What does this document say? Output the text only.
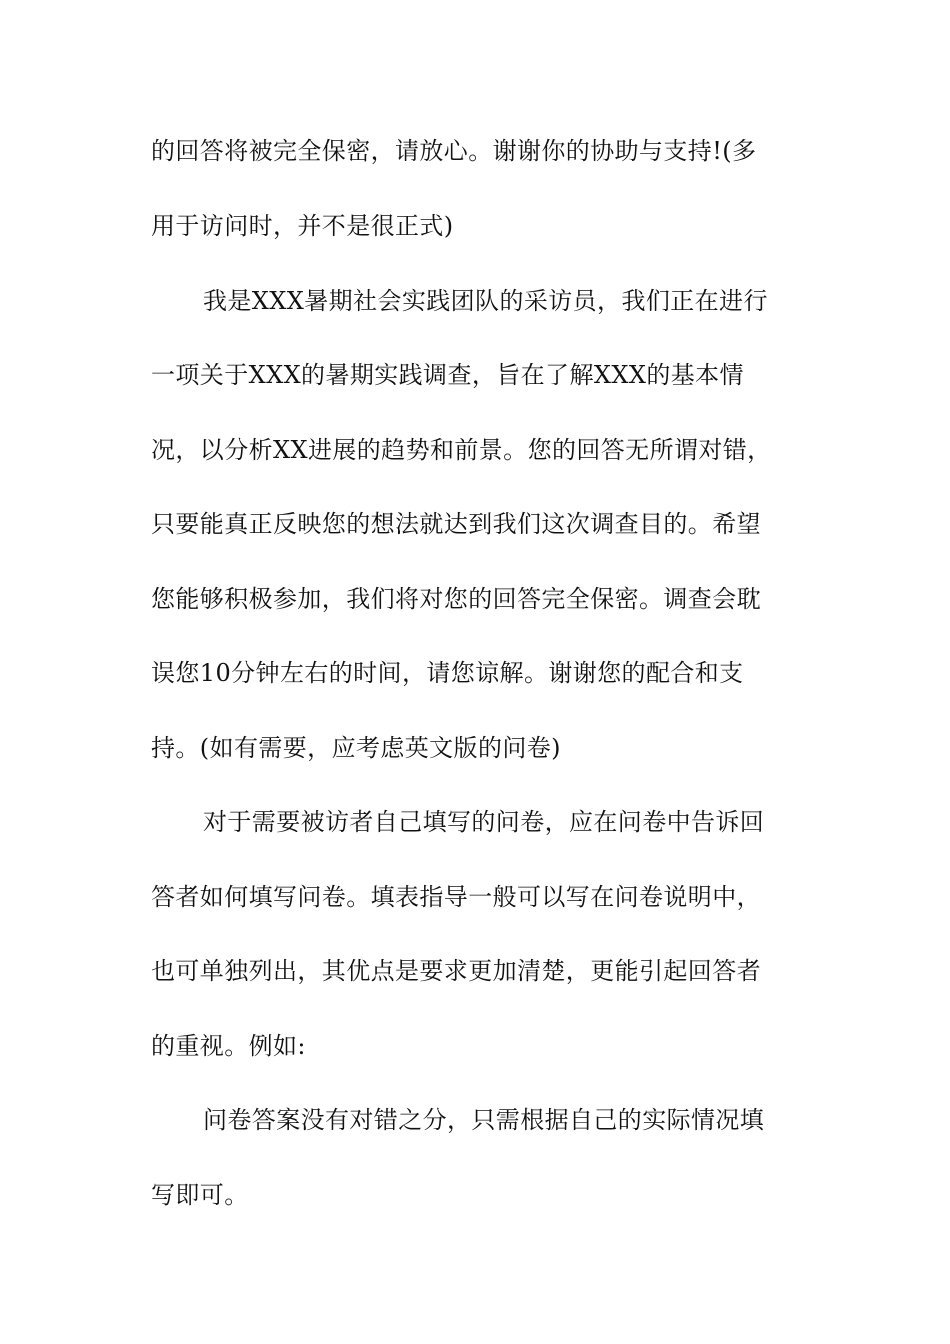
的回答将被完全保密，请放心。谢谢你的协助与支持!(多
用于访问时，并不是很正式)
我是XXX暑期社会实践团队的采访员，我们正在进行
一项关于XXX的暑期实践调查，旨在了解XXX的基本情
况，以分析XX进展的趋势和前景。您的回答无所谓对错，
只要能真正反映您的想法就达到我们这次调查目的。希望
您能够积极参加，我们将对您的回答完全保密。调查会耽
误您10分钟左右的时间，请您谅解。谢谢您的配合和支
持。(如有需要，应考虑英文版的问卷)
对于需要被访者自己填写的问卷，应在问卷中告诉回
答者如何填写问卷。填表指导一般可以写在问卷说明中，
也可单独列出，其优点是要求更加清楚，更能引起回答者
的重视。例如:
问卷答案没有对错之分，只需根据自己的实际情况填
写即可。
